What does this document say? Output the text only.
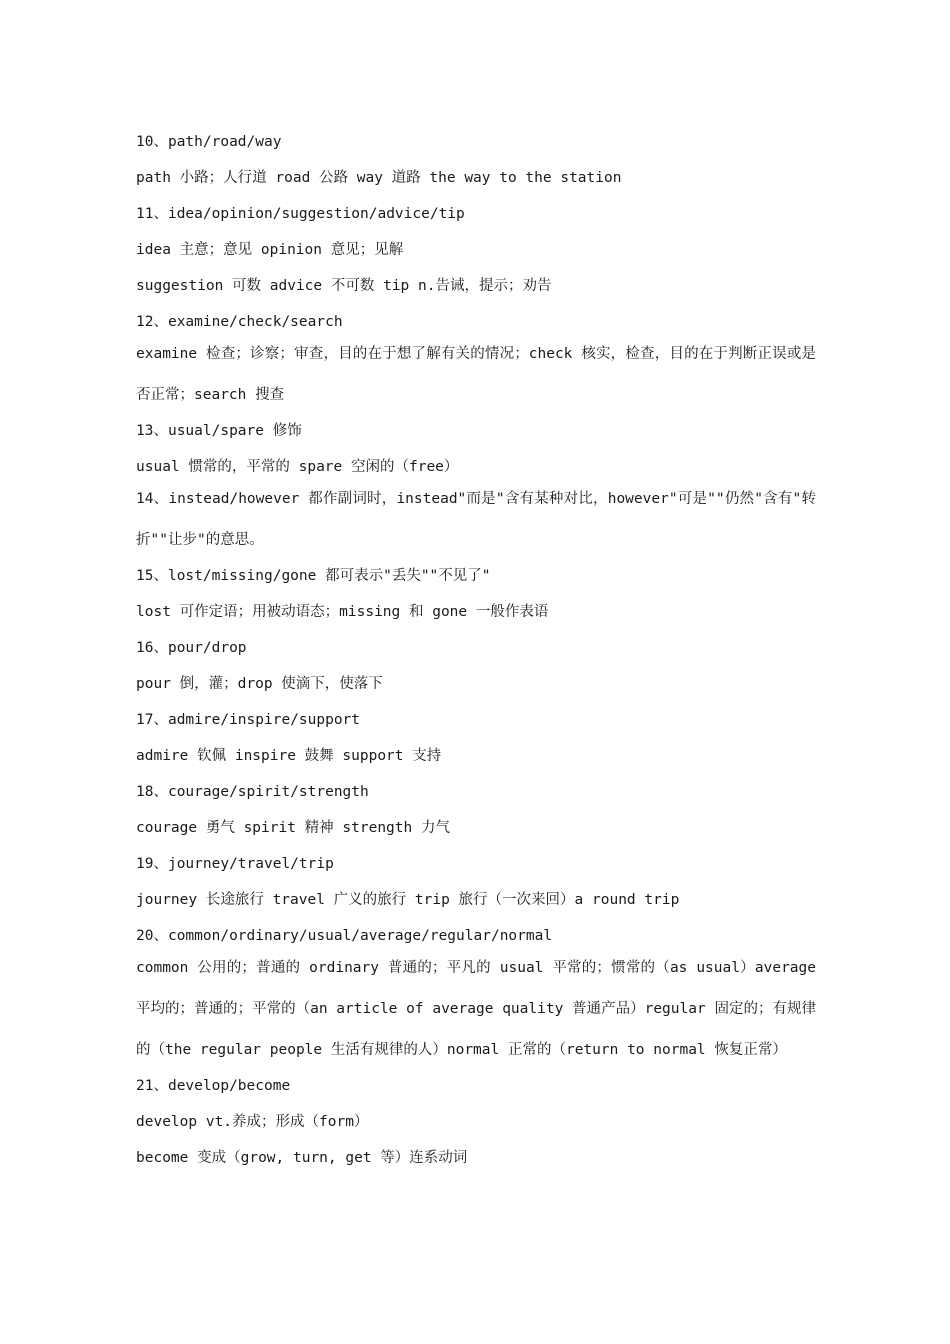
10、path/road/way
path 小路；人行道 road 公路 way 道路 the way to the station
11、idea/opinion/suggestion/advice/tip
idea 主意；意见 opinion 意见；见解
suggestion 可数 advice 不可数 tip n.告诫，提示；劝告
12、examine/check/search
examine 检查；诊察；审查，目的在于想了解有关的情况；check 核实，检查，目的在于判断正误或是否正常；search 搜查
13、usual/spare 修饰
usual 惯常的，平常的 spare 空闲的（free）
14、instead/however 都作副词时，instead"而是"含有某种对比，however"可是""仍然"含有"转折""让步"的意思。
15、lost/missing/gone 都可表示"丢失""不见了"
lost 可作定语；用被动语态；missing 和 gone 一般作表语
16、pour/drop
pour 倒，灌；drop 使滴下，使落下
17、admire/inspire/support
admire 钦佩 inspire 鼓舞 support 支持
18、courage/spirit/strength
courage 勇气 spirit 精神 strength 力气
19、journey/travel/trip
journey 长途旅行 travel 广义的旅行 trip 旅行（一次来回）a round trip
20、common/ordinary/usual/average/regular/normal
common 公用的；普通的 ordinary 普通的；平凡的 usual 平常的；惯常的（as usual）average 平均的；普通的；平常的（an article of average quality 普通产品）regular 固定的；有规律的（the regular people 生活有规律的人）normal 正常的（return to normal 恢复正常）
21、develop/become
develop vt.养成；形成（form）
become 变成（grow, turn, get 等）连系动词
